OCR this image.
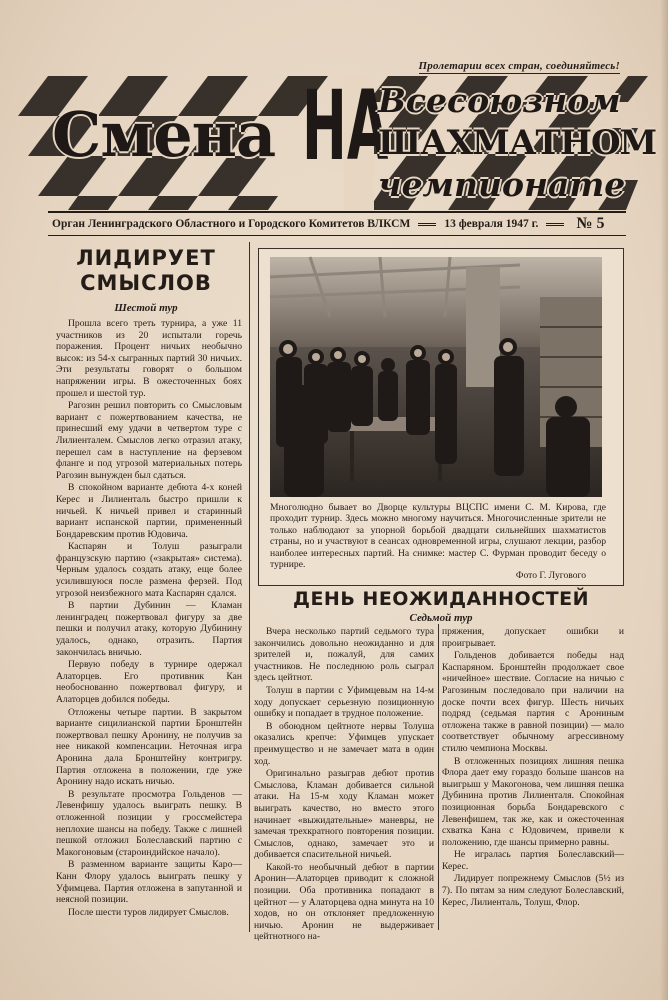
Пролетарии всех стран, соединяйтесь!
Смена НА
Всесоюзном
ШАХМАТНОМ
чемпионате
Орган Ленинградского Областного и Городского Комитетов ВЛКСМ	13 февраля 1947 г. № 5
ЛИДИРУЕТ СМЫСЛОВ
Шестой тур

Прошла всего треть турнира, а уже 11 участников из 20 испытали горечь поражения. Процент ничьих необычно высок: из 54-х сыгранных партий 30 ничьих. Эти результаты говорят о большом напряжении игры. В ожесточенных боях прошел и шестой тур.

Рагозин решил повторить со Смысловым вариант с пожертвованием качества, не принесший ему удачи в четвертом туре с Лилиенталем. Смыслов легко отразил атаку, перешел сам в наступление на ферзевом фланге и под угрозой материальных потерь Рагозин вынужден был сдаться.

В спокойном варианте дебюта 4-х коней Керес и Лилиенталь быстро пришли к ничьей. К ничьей привел и старинный вариант испанской партии, примененный Бондаревским против Юдовича.

Каспарян и Толуш разыграли французскую партию («закрытая» система). Черным удалось создать атаку, еще более усилившуюся после размена ферзей. Под угрозой неизбежного мата Каспарян сдался.

В партии Дубинин — Кламан ленинградец пожертвовал фигуру за две пешки и получил атаку, которую Дубинину удалось, однако, отразить. Партия закончилась вничью.

Первую победу в турнире одержал Алаторцев. Его противник Кан необоснованно пожертвовал фигуру, и Алаторцев добился победы.

Отложены четыре партии. В закрытом варианте сицилианской партии Бронштейн пожертвовал пешку Аронину, не получив за нее никакой компенсации. Неточная игра Аронина дала Бронштейну контригру. Партия отложена в положении, где уже Аронину надо искать ничью.

В результате просмотра Гольденов — Левенфишу удалось выиграть пешку. В отложенной позиции у гроссмейстера неплохие шансы на победу. Также с лишней пешкой отложил Болеславский партию с Макогоновым (староиндийское начало).

В разменном варианте защиты Каро—Канн Флору удалось выиграть пешку у Уфимцева. Партия отложена в запутанной и неясной позиции.

После шести туров лидирует Смыслов.

Многолюдно бывает во Дворце культуры ВЦСПС имени С. М. Кирова, где проходит турнир. Здесь можно многому научиться. Многочисленные зрители не только наблюдают за упорной борьбой двадцати сильнейших шахматистов страны, но и участвуют в сеансах одновременной игры, слушают лекции, разбор наиболее интересных партий. На снимке: мастер С. Фурман проводит беседу о турнире.
Фото Г. Лугового
ДЕНЬ НЕОЖИДАННОСТЕЙ
Седьмой тур

Вчера несколько партий седьмого тура закончились довольно неожиданно и для зрителей и, пожалуй, для самих участников. Не последнюю роль сыграл здесь цейтнот.

Толуш в партии с Уфимцевым на 14-м ходу допускает серьезную позиционную ошибку и попадает в трудное положение.

В обоюдном цейтноте нервы Толуша оказались крепче: Уфимцев упускает преимущество и не замечает мата в один ход.

Оригинально разыграв дебют против Смыслова, Кламан добивается сильной атаки. На 15-м ходу Кламан может выиграть качество, но вместо этого начинает «выжидательные» маневры, не замечая трехкратного повторения позиции. Смыслов, однако, замечает это и добивается спасительной ничьей.

Какой-то необычный дебют в партии Аронин—Алаторцев приводит к сложной позиции. Оба противника попадают в цейтнот — у Алаторцева одна минута на 10 ходов, но он отклоняет предложенную ничью. Аронин не выдерживает цейтнотного на-

пряжения, допускает ошибки и проигрывает.

Гольденов добивается победы над Каспаряном. Бронштейн продолжает свое «ничейное» шествие. Согласие на ничью с Рагозиным последовало при наличии на доске почти всех фигур. Шесть ничьих подряд (седьмая партия с Арониным отложена также в равной позиции) — мало соответствует обычному агрессивному стилю чемпиона Москвы.

В отложенных позициях лишняя пешка Флора дает ему гораздо больше шансов на выигрыш у Макогонова, чем лишняя пешка Дубинина против Лилиенталя. Спокойная позиционная борьба Бондаревского с Левенфишем, так же, как и ожесточенная схватка Кана с Юдовичем, привели к положению, где шансы примерно равны.

Не игралась партия Болеславский—Керес.

Лидирует попрежнему Смыслов (5½ из 7). По пятам за ним следуют Болеславский, Керес, Лилиенталь, Толуш, Флор.
